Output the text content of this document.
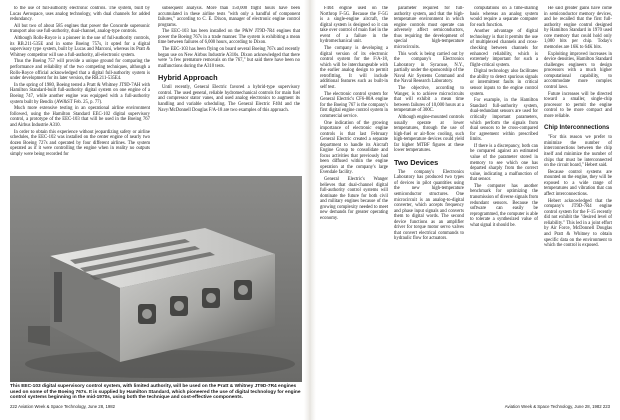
to the use of full-authority electronic controls. The system, built by Lucas Aerospace, uses analog technology, with dual channels for added redundancy.

All but two of about 585 engines that power the Concorde supersonic transport also use full-authority, dual-channel, analog-type controls.

Although Rolls-Royce is a pioneer in the use of full-authority controls, its RB.211-535E and in some Boeing 757s, it opted for a digital supervisory type system, built by Lucas and Marconi, whereas its Pratt & Whitney competitor will use a full-authority, all-electronic system.

Thus the Boeing 757 will provide a unique ground for comparing the performance and reliability of the two competing techniques, although a Rolls-Royce official acknowledged that a digital full-authority system is under development for its later version, the RB.211-535E4.

In the spring of 1980, Boeing tested a Pratt & Whitney JT9D-7AH with Hamilton Standard-built full-authority digital system on one engine of a Boeing 747, while another engine was equipped with a full-authority system built by Bendix (AW&ST Feb. 25, p. 77).

Much more extensive testing in an operational airline environment followed, using the Hamilton Standard EEC-102 digital supervisory control, a prototype of the EEC-103 that will be used in the Boeing 767 and Airbus Industrie A310.

In order to obtain this experience without jeopardizing safety or airline schedules, the EEC-102 was installed on the center engine of nearly two dozen Boeing 727s and operated by four different airlines. The system operated as if it were controlling the engine when in reality no outputs simply were being recorded for

subsequent analysis. More than 150,000 flight hours have been accumulated in these airline tests "with only a handful of component failures," according to C. E. Dixon, manager of electronic engine control programs.

The EEC-103 has been installed on the P&W JT9D-7R4 engines that power the Boeing 767s in a trade manner. The system is exhibiting a mean time between failures of 6,000 hours, according to Dixon.

The EEC-103 has been flying on board several Boeing 767s and recently began use on New Airbus Industrie A310s. Dixon acknowledged that there were "a few premature removals on the 767," but said there have been no malfunctions during the A310 tests.

Hybrid Approach

Until recently, General Electric favored a hybrid-type supervisory control. The used general, reliable hydromechanical controls for main fuel and compressor stator vanes, and used analog electronics to augment its handling and variable scheduling. The General Electric F404 and the Navy/McDonnell Douglas F/A-18 are two examples of this approach.

This EEC-103 digital supervisory control system, with limited authority, will be used on the Pratt & Whitney JT9D-7R4 engines used on some of the Boeing 767s. It is supplied by Hamilton Standard, which pioneered the use of digital technology for engine control systems beginning in the mid-1970s, using both the technique and cost-effective components.
222 Aviation Week & Space Technology, June 28, 1982

F404 engine used on the Northrop F-5G. Because the F-5G is a single-engine aircraft, the digital system is designed so it can take over control of main fuel in the event of a failure in the hydromechanical unit.

The company is developing a digital version of its electronic control system for the F/A-18, which will be interchangeable with the earlier analog design to permit retrofitting. It will include additional features such as built-in self test.

The electronic control system for General Electric's CF6-80A engine for the Boeing 767 is the company's first digital engine control system in commercial service.

One indication of the growing importance of electronic engine controls is that last February General Electric created a separate department to handle its Aircraft Engine Group to consolidate and focus activities that previously had been diffused within the engine operation at the company's large Evendale facility.

General Electric's Wanger believes that dual-channel digital full-authority control systems will dominate the future for both civil and military engines because of the growing complexity needed to meet new demands for greater operating economy.

parameter required for full-authority system, and that the high-temperature environment in which engine controls must operate can adversely affect semiconductors, thus requiring the development of special high-temperature microcircuits.

This work is being carried out by the company's Electronics Laboratory in Syracuse, N.Y., partially under the sponsorship of the Naval Air Systems Command and the Naval Research Laboratory.

The objective, according to Wanger, is to achieve microcircuits that will exhibit a mean time between failures of 10,000 hours at a temperature of 300C.

Although engine-mounted controls usually operate at lower temperatures, through the use of high-fuel or air-flow cooling, such high-temperature devices could yield far higher MTBF figures at these lower temperatures.

Two Devices

The company's Electronics Laboratory has produced two types of devices in pilot quantities using the new high-temperature semiconductor structures. One microcircuit is an analog-to-digital converter, which accepts frequency and phase input signals and converts them to digital words. The second device functions as an amplifier driver for torque motor servo valves that convert electrical commands to hydraulic flow for actuators.

computations on a time-sharing basis whereas an analog system would require a separate computer for each function.

Another advantage of digital technology is that it permits the use of multiplexed channels and cross-checking between channels for enhanced reliability, which is extremely important for such a flight-critical system.

Digital technology also facilitates the ability to detect spurious signals or intermittent faults in critical sensor inputs to the engine control system.

For example, in the Hamilton Standard full-authority system, dual-redundant sensors are used for critically important parameters, which perform the signals from dual sensors to be cross-compared for agreement within prescribed limits.

If there is a discrepancy, both can be compared against an estimated value of the parameter stored in memory to see which one has departed sharply from the correct value, indicating a malfunction of that sensor.

The computer has another benchmark for optimizing the transmission of diverse signals from redundant sensors. Because the software can easily be reprogrammed, the computer is able to tolerate a synthesized value of what signal it should be.

He said greater gains have come in semiconductor memory devices, and he recalled that the first full-authority engine control designed by Hamilton Standard in 1970 used core memory that could hold only 1,000 bits per chip. Today's memories are 16K to 64K bits.

Exploiting improved increases in device densities, Hamilton Standard challenges engineers to design processors with a much higher computational capability, to accommodate more complex control laws.

Future increases will be directed toward a smaller, single-chip processor to permit the engine control to be more compact and more reliable.

Chip Interconnections

"For this reason we prefer to minimize the number of interconnections between the chip itself and minimize the number of chips that must be interconnected on the circuit board," Hebert said.

Because control systems are mounted on the engine, they will be exposed to a wide range of temperatures and vibration that can affect interconnections.

Hebert acknowledged that the company's JT9D-7R4 engine control system for the F-15 recently did not exhibit the "desired level of reliability." This led in a joint effort by Air Force, McDonnell Douglas and Pratt & Whitney to obtain specific data on the environment to which the control is exposed.

Aviation Week & Space Technology, June 28, 1982 223
